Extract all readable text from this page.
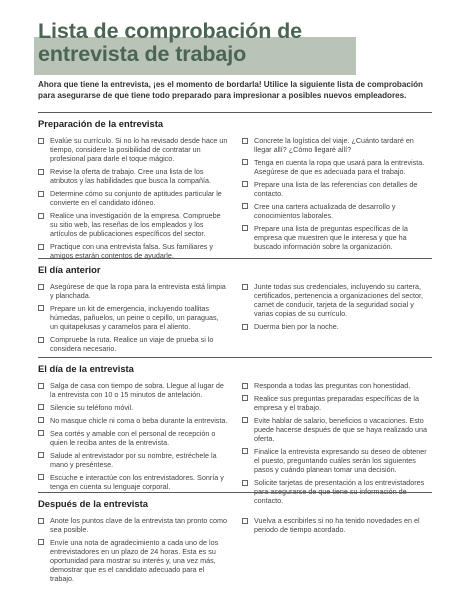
Lista de comprobación de
entrevista de trabajo
Ahora que tiene la entrevista, ¡es el momento de bordarla! Utilice la siguiente lista de comprobación para asegurarse de que tiene todo preparado para impresionar a posibles nuevos empleadores.
Preparación de la entrevista
Evalúe su currículo. Si no lo ha revisado desde hace un tiempo, considere la posibilidad de contratar un profesional para darle el toque mágico.
Revise la oferta de trabajo. Cree una lista de los atributos y las habilidades que busca la compañía.
Determine cómo su conjunto de aptitudes particular le convierte en el candidato idóneo.
Realice una investigación de la empresa. Compruebe su sitio web, las reseñas de los empleados y los artículos de publicaciones específicos del sector.
Practique con una entrevista falsa. Sus familiares y amigos estarán contentos de ayudarle.
Concrete la logística del viaje. ¿Cuánto tardaré en llegar allí? ¿Cómo llegaré allí?
Tenga en cuenta la ropa que usará para la entrevista. Asegúrese de que es adecuada para el trabajo.
Prepare una lista de las referencias con detalles de contacto.
Cree una cartera actualizada de desarrollo y conocimientos laborales.
Prepare una lista de preguntas específicas de la empresa que muestren que le interesa y que ha buscado información sobre la organización.
El día anterior
Asegúrese de que la ropa para la entrevista está limpia y planchada.
Prepare un kit de emergencia, incluyendo toallitas húmedas, pañuelos, un peine o cepillo, un paraguas, un quitapelusas y caramelos para el aliento.
Compruebe la ruta. Realice un viaje de prueba si lo considera necesario.
Junte todas sus credenciales, incluyendo su cartera, certificados, pertenencia a organizaciones del sector, carnet de conducir, tarjeta de la seguridad social y varias copias de su currículo.
Duerma bien por la noche.
El día de la entrevista
Salga de casa con tiempo de sobra. Llegue al lugar de la entrevista con 10 o 15 minutos de antelación.
Silencie su teléfono móvil.
No masque chicle ni coma o beba durante la entrevista.
Sea cortés y amable con el personal de recepción o quien le reciba antes de la entrevista.
Salude al entrevistador por su nombre, estréchele la mano y preséntese.
Escuche e interactúe con los entrevistadores. Sonría y tenga en cuenta su lenguaje corporal.
Responda a todas las preguntas con honestidad.
Realice sus preguntas preparadas específicas de la empresa y el trabajo.
Evite hablar de salario, beneficios o vacaciones. Esto puede hacerse después de que se haya realizado una oferta.
Finalice la entrevista expresando su deseo de obtener el puesto, preguntando cuáles serán los siguientes pasos y cuándo planean tomar una decisión.
Solicite tarjetas de presentación a los entrevistadores para asegurarse de que tiene su información de contacto.
Después de la entrevista
Anote los puntos clave de la entrevista tan pronto como sea posible.
Envíe una nota de agradecimiento a cada uno de los entrevistadores en un plazo de 24 horas. Esta es su oportunidad para mostrar su interés y, una vez más, demostrar que es el candidato adecuado para el trabajo.
Vuelva a escribirles si no ha tenido novedades en el periodo de tiempo acordado.
